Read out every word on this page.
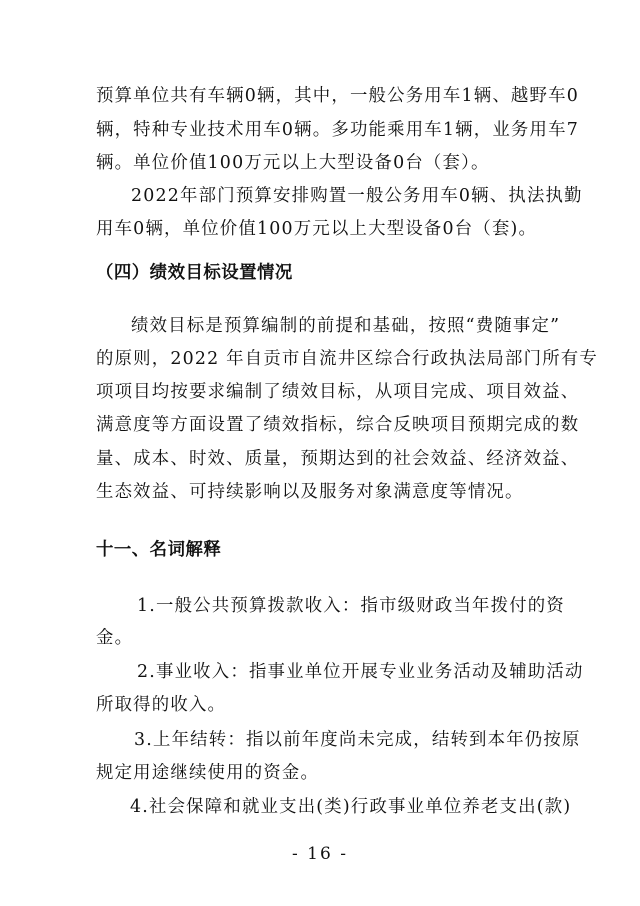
预算单位共有车辆0辆，其中，一般公务用车1辆、越野车0
辆，特种专业技术用车0辆。多功能乘用车1辆，业务用车7
辆。单位价值100万元以上大型设备0台（套）。
2022年部门预算安排购置一般公务用车0辆、执法执勤
用车0辆，单位价值100万元以上大型设备0台（套)。
（四）绩效目标设置情况
绩效目标是预算编制的前提和基础，按照“费随事定”
的原则，2022 年自贡市自流井区综合行政执法局部门所有专
项项目均按要求编制了绩效目标，从项目完成、项目效益、
满意度等方面设置了绩效指标，综合反映项目预期完成的数
量、成本、时效、质量，预期达到的社会效益、经济效益、
生态效益、可持续影响以及服务对象满意度等情况。
十一、名词解释
1.一般公共预算拨款收入：指市级财政当年拨付的资
金。
2.事业收入：指事业单位开展专业业务活动及辅助活动
所取得的收入。
3.上年结转：指以前年度尚未完成，结转到本年仍按原
规定用途继续使用的资金。
4.社会保障和就业支出(类)行政事业单位养老支出(款)
- 16 -
